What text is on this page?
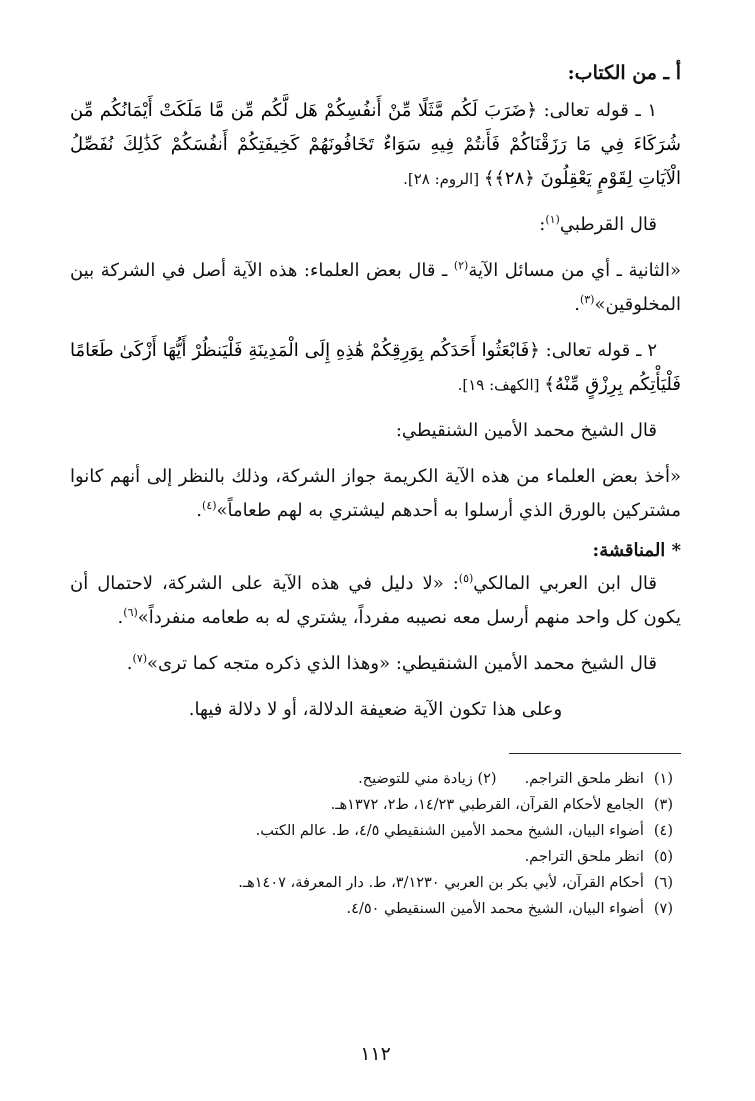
أ ـ من الكتاب:

١ ـ قوله تعالى: ﴿ضَرَبَ لَكُم مَّثَلًا مِّنْ أَنفُسِكُمْ هَل لَّكُم مِّن مَّا مَلَكَتْ أَيْمَانُكُم مِّن شُرَكَاءَ فِي مَا رَزَقْنَاكُمْ فَأَنتُمْ فِيهِ سَوَاءٌ تَخَافُونَهُمْ كَخِيفَتِكُمْ أَنفُسَكُمْ كَذَٰلِكَ نُفَصِّلُ الْآيَاتِ لِقَوْمٍ يَعْقِلُونَ ﴿٢٨﴾﴾ [الروم: ٢٨].

قال القرطبي$^{(١)}$:

«الثانية ـ أي من مسائل الآية$^{(٢)}$ ـ قال بعض العلماء: هذه الآية أصل في الشركة بين المخلوقين»$^{(٣)}$.

٢ ـ قوله تعالى: ﴿فَابْعَثُوا أَحَدَكُم بِوَرِقِكُمْ هَٰذِهِ إِلَى الْمَدِينَةِ فَلْيَنظُرْ أَيُّهَا أَزْكَىٰ طَعَامًا فَلْيَأْتِكُم بِرِزْقٍ مِّنْهُ﴾ [الكهف: ١٩].

قال الشيخ محمد الأمين الشنقيطي:

«أخذ بعض العلماء من هذه الآية الكريمة جواز الشركة، وذلك بالنظر إلى أنهم كانوا مشتركين بالورق الذي أرسلوا به أحدهم ليشتري به لهم طعاماً»$^{(٤)}$.

* المناقشة:

قال ابن العربي المالكي$^{(٥)}$: «لا دليل في هذه الآية على الشركة، لاحتمال أن يكون كل واحد منهم أرسل معه نصيبه مفرداً، يشتري له به طعامه منفرداً»$^{(٦)}$.

قال الشيخ محمد الأمين الشنقيطي: «وهذا الذي ذكره متجه كما ترى»$^{(٧)}$.

وعلى هذا تكون الآية ضعيفة الدلالة، أو لا دلالة فيها.

(١)انظر ملحق التراجم.(٢) زيادة مني للتوضيح.
(٣)الجامع لأحكام القرآن، القرطبي ١٤/٢٣، ط٢، ١٣٧٢هـ.
(٤)أضواء البيان، الشيخ محمد الأمين الشنقيطي ٤/٥، ط. عالم الكتب.
(٥)انظر ملحق التراجم.
(٦)أحكام القرآن، لأبي بكر بن العربي ٣/١٢٣٠، ط. دار المعرفة، ١٤٠٧هـ.
(٧)أضواء البيان، الشيخ محمد الأمين السنقيطي ٤/٥٠.
١١٢
